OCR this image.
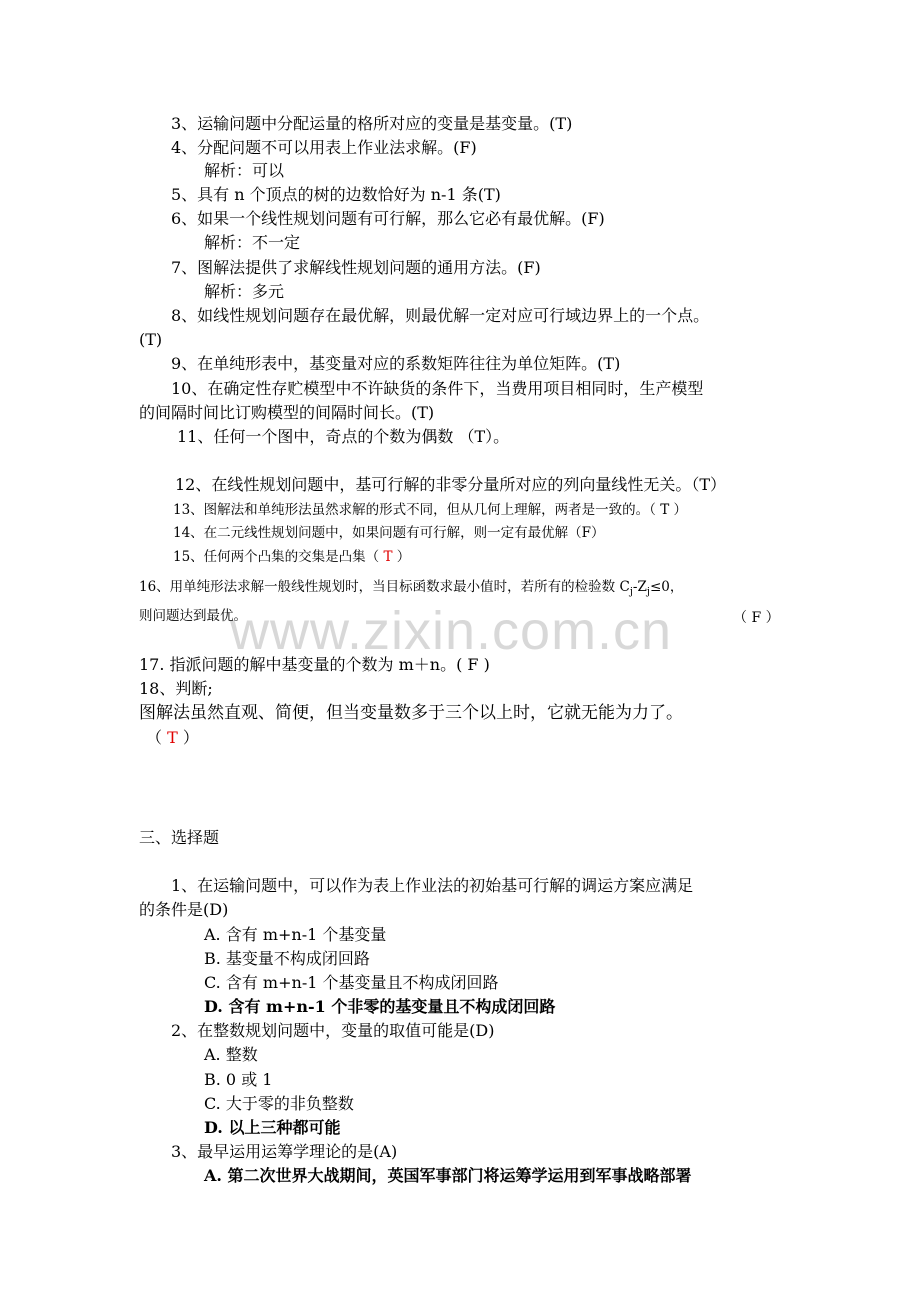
www.zixin.com.cn
3、运输问题中分配运量的格所对应的变量是基变量。(T)
4、分配问题不可以用表上作业法求解。(F)
解析：可以
5、具有 n 个顶点的树的边数恰好为 n-1 条(T)
6、如果一个线性规划问题有可行解，那么它必有最优解。(F)
解析：不一定
7、图解法提供了求解线性规划问题的通用方法。(F)
解析：多元
8、如线性规划问题存在最优解，则最优解一定对应可行域边界上的一个点。
(T)
9、在单纯形表中，基变量对应的系数矩阵往往为单位矩阵。(T)
10、在确定性存贮模型中不许缺货的条件下，当费用项目相同时，生产模型
的间隔时间比订购模型的间隔时间长。(T)
11、任何一个图中，奇点的个数为偶数 （T）。
12、在线性规划问题中，基可行解的非零分量所对应的列向量线性无关。（T）
13、图解法和单纯形法虽然求解的形式不同，但从几何上理解，两者是一致的。（ T ）
14、在二元线性规划问题中，如果问题有可行解，则一定有最优解（F）
15、任何两个凸集的交集是凸集（ T ）
16、用单纯形法求解一般线性规划时，当目标函数求最小值时，若所有的检验数 $C_j-Z_j\le 0$，
则问题达到最优。	（ F ）
17. 指派问题的解中基变量的个数为 m＋n。( F )
18、判断;
图解法虽然直观、简便，但当变量数多于三个以上时，它就无能为力了。
（ T ）
三、选择题
1、在运输问题中，可以作为表上作业法的初始基可行解的调运方案应满足
的条件是(D)
A. 含有 m+n-1 个基变量
B. 基变量不构成闭回路
C. 含有 m+n-1 个基变量且不构成闭回路
D. 含有 m+n-1 个非零的基变量且不构成闭回路
2、在整数规划问题中，变量的取值可能是(D)
A. 整数
B. 0 或 1
C. 大于零的非负整数
D. 以上三种都可能
3、最早运用运筹学理论的是(A)
A. 第二次世界大战期间，英国军事部门将运筹学运用到军事战略部署
